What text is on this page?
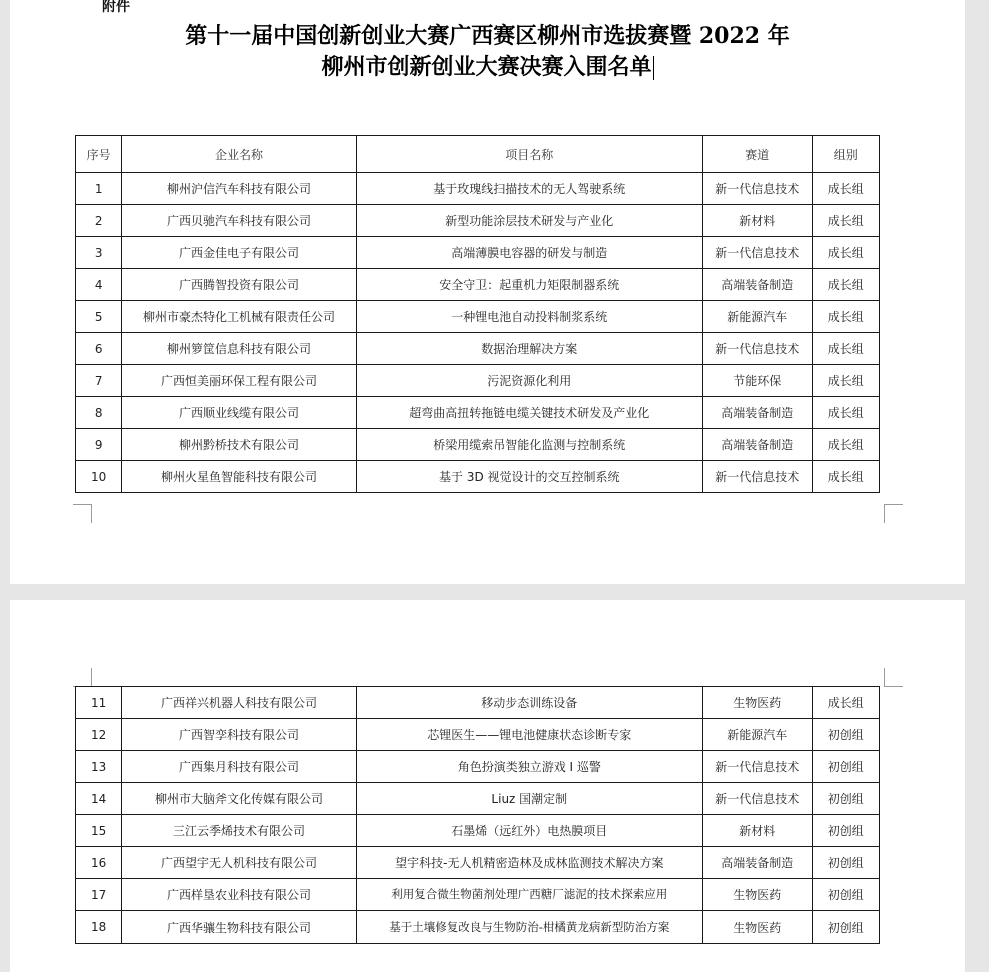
附件
第十一届中国创新创业大赛广西赛区柳州市选拔赛暨 2022 年
柳州市创新创业大赛决赛入围名单
序号	企业名称	项目名称	赛道	组别
1	柳州沪信汽车科技有限公司	基于玫瑰线扫描技术的无人驾驶系统	新一代信息技术	成长组
2	广西贝驰汽车科技有限公司	新型功能涂层技术研发与产业化	新材料	成长组
3	广西金佳电子有限公司	高端薄膜电容器的研发与制造	新一代信息技术	成长组
4	广西腾智投资有限公司	安全守卫：起重机力矩限制器系统	高端装备制造	成长组
5	柳州市豪杰特化工机械有限责任公司	一种锂电池自动投料制浆系统	新能源汽车	成长组
6	柳州箩筐信息科技有限公司	数据治理解决方案	新一代信息技术	成长组
7	广西恒美丽环保工程有限公司	污泥资源化利用	节能环保	成长组
8	广西顺业线缆有限公司	超弯曲高扭转拖链电缆关键技术研发及产业化	高端装备制造	成长组
9	柳州黔桥技术有限公司	桥梁用缆索吊智能化监测与控制系统	高端装备制造	成长组
10	柳州火星鱼智能科技有限公司	基于 3D 视觉设计的交互控制系统	新一代信息技术	成长组
11	广西祥兴机器人科技有限公司	移动步态训练设备	生物医药	成长组
12	广西智孪科技有限公司	芯锂医生——锂电池健康状态诊断专家	新能源汽车	初创组
13	广西集月科技有限公司	角色扮演类独立游戏 I 巡警	新一代信息技术	初创组
14	柳州市大脑斧文化传媒有限公司	Liuz 国潮定制	新一代信息技术	初创组
15	三江云季烯技术有限公司	石墨烯（远红外）电热膜项目	新材料	初创组
16	广西望宇无人机科技有限公司	望宇科技-无人机精密造林及成林监测技术解决方案	高端装备制造	初创组
17	广西样垦农业科技有限公司	利用复合微生物菌剂处理广西糖厂滤泥的技术探索应用	生物医药	初创组
18	广西华骧生物科技有限公司	基于土壤修复改良与生物防治-柑橘黄龙病新型防治方案	生物医药	初创组
